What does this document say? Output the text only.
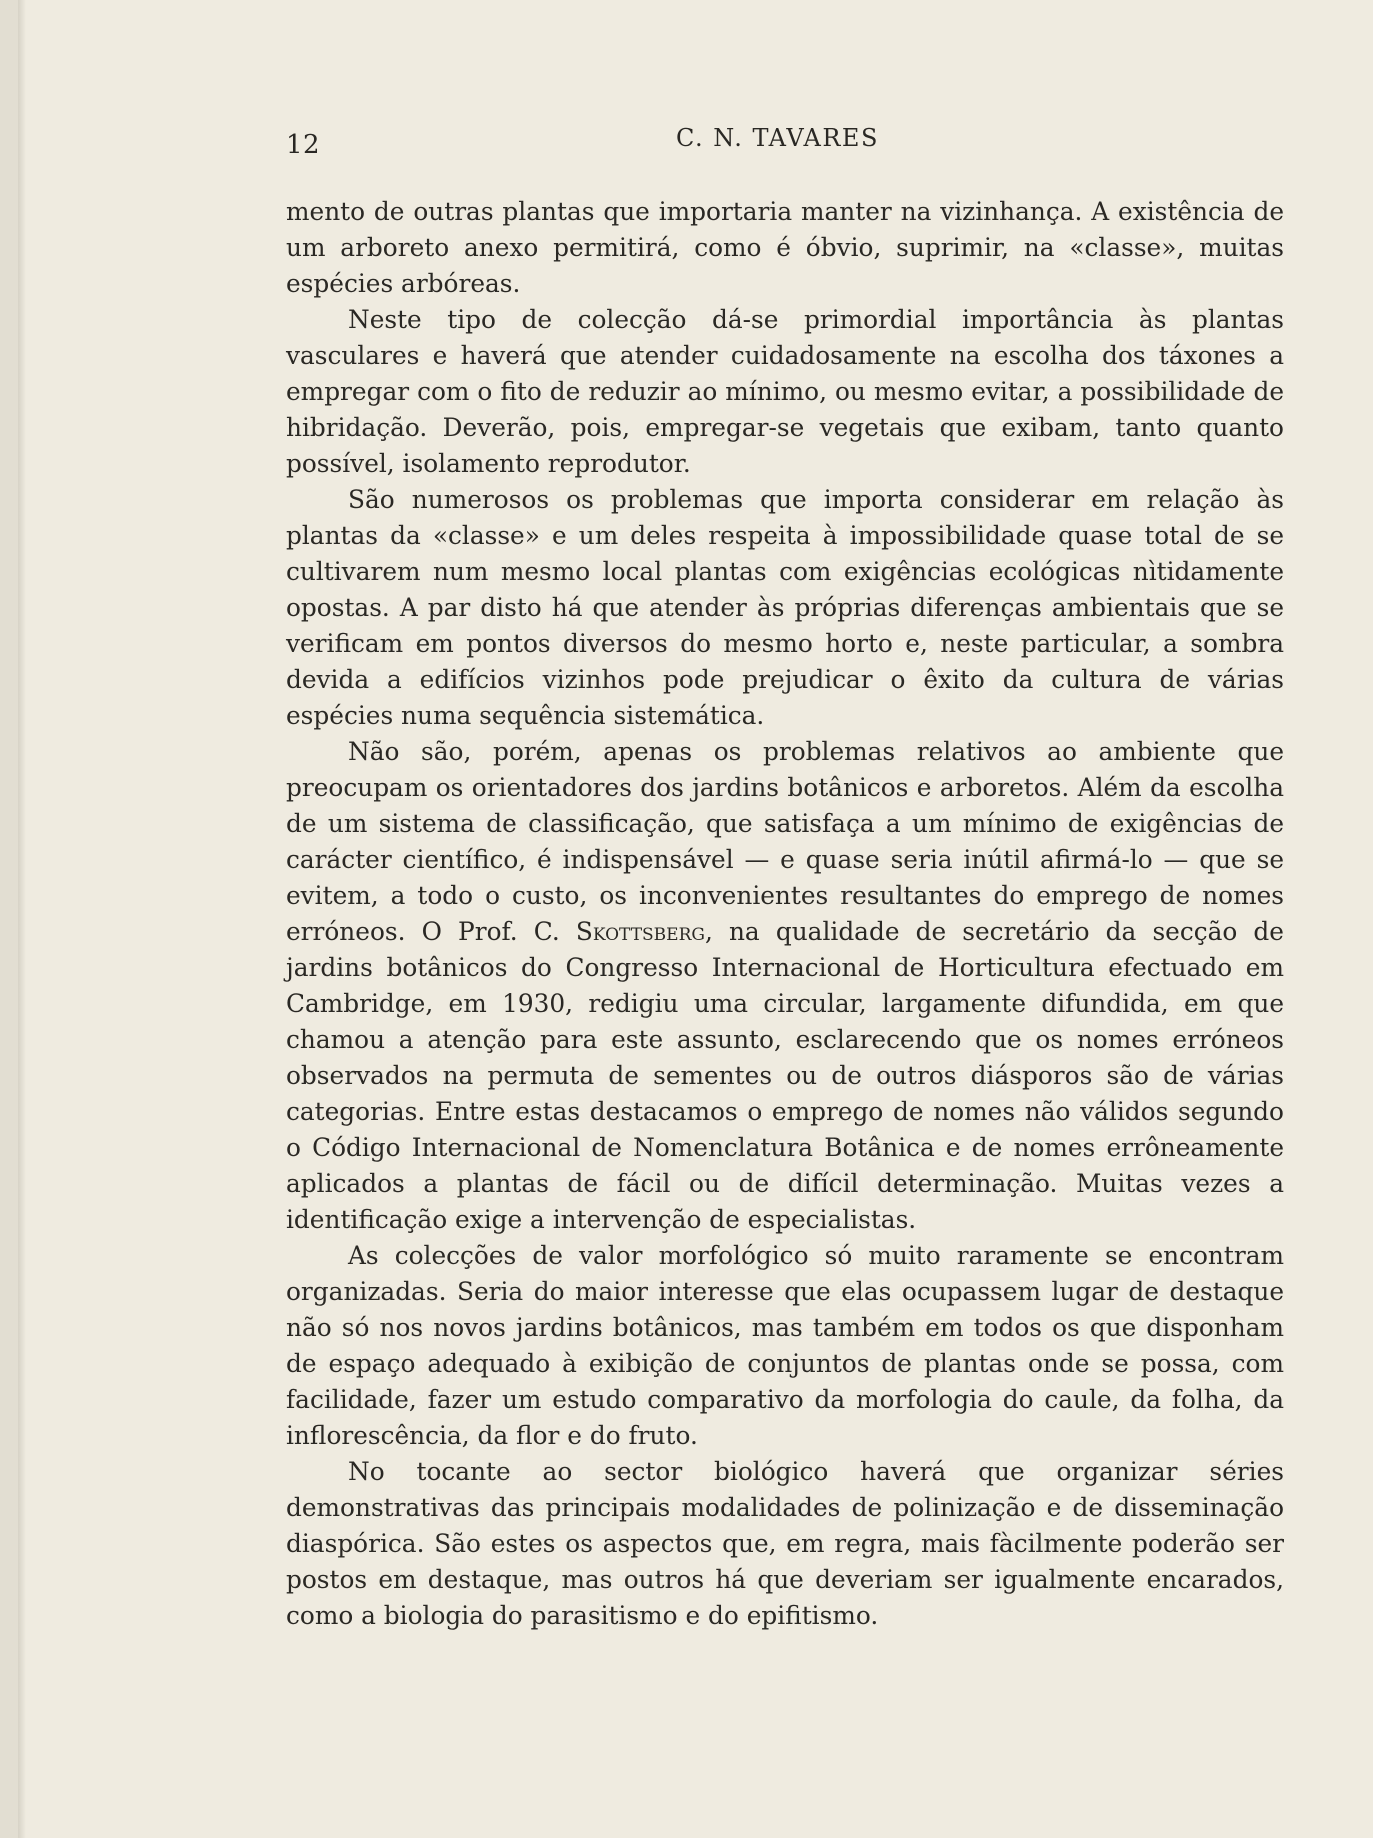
12	C. N. TAVARES

mento de outras plantas que importaria manter na vizinhança. A existência de um arboreto anexo permitirá, como é óbvio, suprimir, na «classe», muitas espécies arbóreas.

Neste tipo de colecção dá-se primordial importância às plantas vasculares e haverá que atender cuidadosamente na escolha dos táxones a empregar com o fito de reduzir ao mínimo, ou mesmo evitar, a possibilidade de hibridação. Deverão, pois, empregar-se vegetais que exibam, tanto quanto possível, isolamento reprodutor.

São numerosos os problemas que importa considerar em relação às plantas da «classe» e um deles respeita à impossibilidade quase total de se cultivarem num mesmo local plantas com exigências ecológicas nìtidamente opostas. A par disto há que atender às próprias diferenças ambientais que se verificam em pontos diversos do mesmo horto e, neste particular, a sombra devida a edifícios vizinhos pode prejudicar o êxito da cultura de várias espécies numa sequência sistemática.

Não são, porém, apenas os problemas relativos ao ambiente que preocupam os orientadores dos jardins botânicos e arboretos. Além da escolha de um sistema de classificação, que satisfaça a um mínimo de exigências de carácter científico, é indispensável — e quase seria inútil afirmá-lo — que se evitem, a todo o custo, os inconvenientes resultantes do emprego de nomes erróneos. O Prof. C. Skottsberg, na qualidade de secretário da secção de jardins botânicos do Congresso Internacional de Horticultura efectuado em Cambridge, em 1930, redigiu uma circular, largamente difundida, em que chamou a atenção para este assunto, esclarecendo que os nomes erróneos observados na permuta de sementes ou de outros diásporos são de várias categorias. Entre estas destacamos o emprego de nomes não válidos segundo o Código Internacional de Nomenclatura Botânica e de nomes errôneamente aplicados a plantas de fácil ou de difícil determinação. Muitas vezes a identificação exige a intervenção de especialistas.

As colecções de valor morfológico só muito raramente se encontram organizadas. Seria do maior interesse que elas ocupassem lugar de destaque não só nos novos jardins botânicos, mas também em todos os que disponham de espaço adequado à exibição de conjuntos de plantas onde se possa, com facilidade, fazer um estudo comparativo da morfologia do caule, da folha, da inflorescência, da flor e do fruto.

No tocante ao sector biológico haverá que organizar séries demonstrativas das principais modalidades de polinização e de disseminação diaspórica. São estes os aspectos que, em regra, mais fàcilmente poderão ser postos em destaque, mas outros há que deveriam ser igualmente encarados, como a biologia do parasitismo e do epifitismo.
